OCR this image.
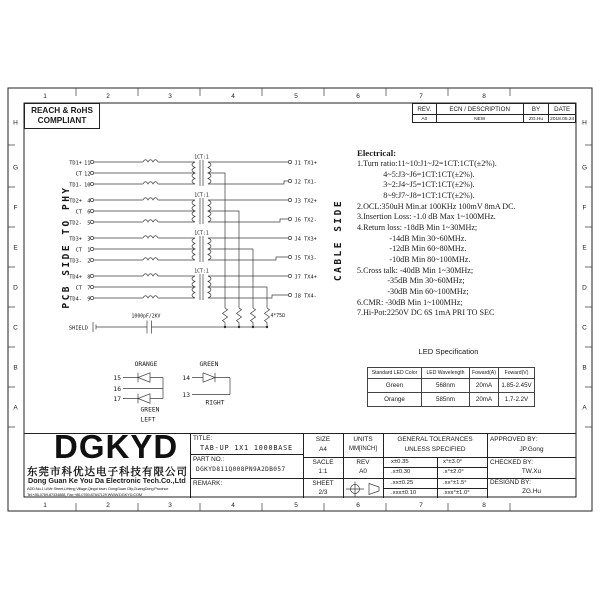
1	2	3	4	5	6	7	8
1	2	3	4	5	6	7	8
H
G
F
E
D
C
B
A
H
G
F
E
D
C
B
A
PCB SIDE TO PHY	CABLE SIDE
TD1+ 11
CT 12
TD1- 10
1CT:1
J1 TX1+
J2 TX1-
TD2+ 4
CT 6
TD2- 5
1CT:1
J3 TX2+
J6 TX2-
TD3+ 3
CT 1
TD3- 2
1CT:1
J4 TX3+
J5 TX3-
TD4+ 8
CT 7
TD4- 9
1CT:1
J7 TX4+
J8 TX4-
SHIELD
1000pF/2KV	4*75Ω
ORANGE
15
16
17
GREEN
LEFT
GREEN
14
13
RIGHT
REACH & RoHS
COMPLIANT
REV.	ECN / DESCRIPTION	BY	DATE
A0	NEW	ZG.Hu	2018.05.24
Electrical:
1.Turn ratio:11~10:J1~J2=1CT:1CT(±2%).
4~5:J3~J6=1CT:1CT(±2%).
3~2:J4~J5=1CT:1CT(±2%).
8~9:J7~J8=1CT:1CT(±2%).
2.OCL:350uH Min.at 100KHz 100mV 8mA DC.
3.Insertion Loss: -1.0 dB Max 1~100MHz.
4.Return loss: -18dB Min 1~30MHz;
-14dB Min 30~60MHz.
-12dB Min 60~80MHz.
-10dB Min 80~100MHz.
5.Cross talk: -40dB Min 1~30MHz;
-35dB Min 30~60MHz;
-30dB Min 60~100MHz;
6.CMR: -30dB Min 1~100MHz;
7.Hi-Pot:2250V DC 6S 1mA PRI TO SEC
LED Specification
Standard LED Color	LED Wavelength	Foward(A)	Foward(V)
Green	568nm	20mA	1.85-2.45V
Orange	585nm	20mA	1.7-2.2V
DGKYD
东莞市科优达电子科技有限公司
Dong Guan Ke You Da Electronic Tech.Co.,Ltd
ADD:No.1 LiWe Street,LiHeng Village,Qingxi town, DongGuan City,GuangDong Province
Tel:+86-0769-87334888, Fax:+86-0769-87847129 WWW.DGKYD.COM
TITLE:
TAB-UP 1X1 1000BASE
PART NO.:
DGKYD811Q008PN9A2DB057
REMARK:
SIZE
A4
SACLE
1:1
SHEET
2/3
UNITS
MM[INCH]
REV
A0
GENERAL TOLERANCES
UNLESS SPECIFIED
x±0.35	x°±3.0°
.x±0.30	.x°±2.0°
.xx±0.25	.xx°±1.5°
.xxx±0.10	.xxx°±1.0°
APPROVED BY:
JP.Gong
CHECKED BY:
TW.Xu
DESIGND BY:
ZG.Hu
